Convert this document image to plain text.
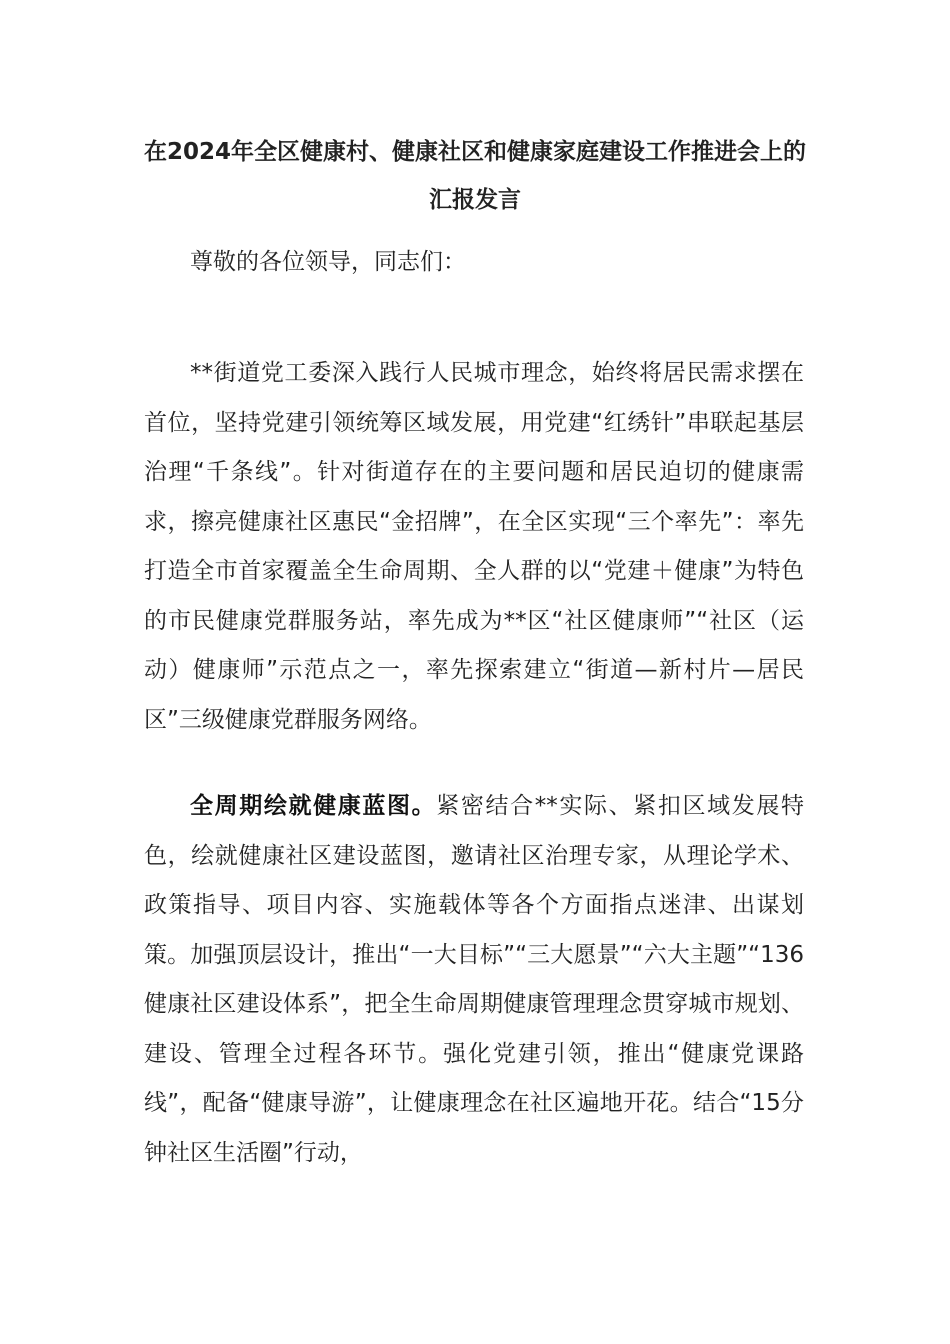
在2024年全区健康村、健康社区和健康家庭建设工作推进会上的汇报发言

尊敬的各位领导，同志们：

**街道党工委深入践行人民城市理念，始终将居民需求摆在首位，坚持党建引领统筹区域发展，用党建“红绣针”串联起基层治理“千条线”。针对街道存在的主要问题和居民迫切的健康需求，擦亮健康社区惠民“金招牌”，在全区实现“三个率先”：率先打造全市首家覆盖全生命周期、全人群的以“党建＋健康”为特色的市民健康党群服务站，率先成为**区“社区健康师”“社区（运动）健康师”示范点之一，率先探索建立“街道—新村片—居民区”三级健康党群服务网络。

全周期绘就健康蓝图。紧密结合**实际、紧扣区域发展特色，绘就健康社区建设蓝图，邀请社区治理专家，从理论学术、政策指导、项目内容、实施载体等各个方面指点迷津、出谋划策。加强顶层设计，推出“一大目标”“三大愿景”“六大主题”“136健康社区建设体系”，把全生命周期健康管理理念贯穿城市规划、建设、管理全过程各环节。强化党建引领，推出“健康党课路线”，配备“健康导游”，让健康理念在社区遍地开花。结合“15分钟社区生活圈”行动，
